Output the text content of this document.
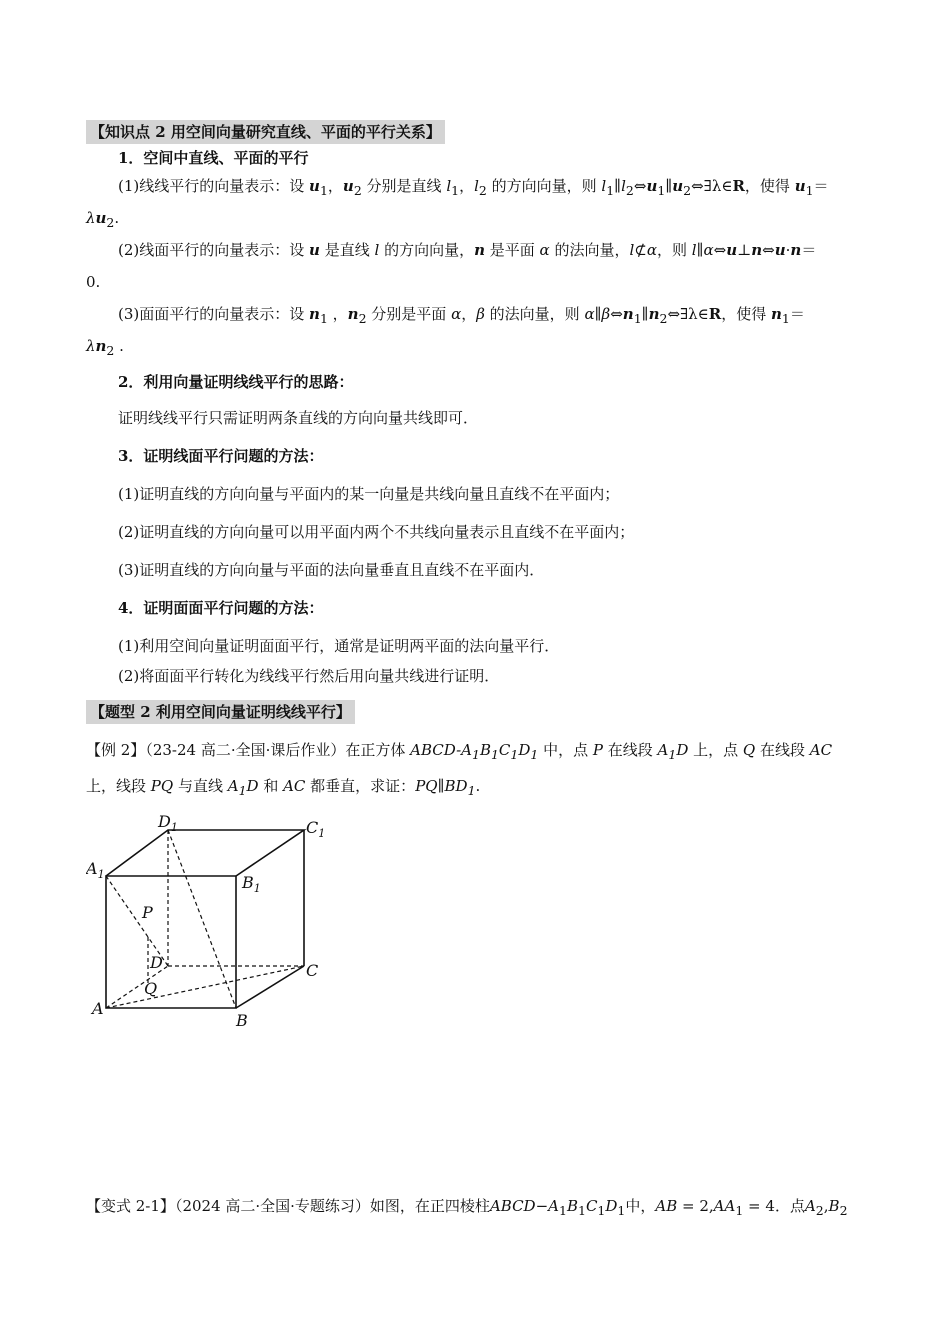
【知识点 2 用空间向量研究直线、平面的平行关系】
1．空间中直线、平面的平行
(1)线线平行的向量表示：设 $u_1$，$u_2$ 分别是直线 $l_1$，$l_2$ 的方向向量，则 $l_1\parallel l_2\Leftrightarrow u_1\parallel u_2\Leftrightarrow\exists\lambda\in R$，使得 $u_1=$
$\lambda u_2$.
(2)线面平行的向量表示：设 u 是直线 l 的方向向量，n 是平面 α 的法向量，l⊄α，则 l∥α⇔u⊥n⇔u·n＝
0.
(3)面面平行的向量表示：设 $n_1$ ，$n_2$ 分别是平面 α，β 的法向量，则 $\alpha\parallel\beta\Leftrightarrow n_1\parallel n_2\Leftrightarrow\exists\lambda\in R$，使得 $n_1=$
$\lambda n_2$ .
2．利用向量证明线线平行的思路：
证明线线平行只需证明两条直线的方向向量共线即可．
3．证明线面平行问题的方法：
(1)证明直线的方向向量与平面内的某一向量是共线向量且直线不在平面内；
(2)证明直线的方向向量可以用平面内两个不共线向量表示且直线不在平面内；
(3)证明直线的方向向量与平面的法向量垂直且直线不在平面内．
4．证明面面平行问题的方法：
(1)利用空间向量证明面面平行，通常是证明两平面的法向量平行．
(2)将面面平行转化为线线平行然后用向量共线进行证明．
【题型 2 利用空间向量证明线线平行】
【例 2】（23-24 高二·全国·课后作业）在正方体 ABCD-$A_1B_1C_1D_1$ 中，点 P 在线段 $A_1D$ 上，点 Q 在线段 AC
上，线段 PQ 与直线 $A_1D$ 和 AC 都垂直，求证：$PQ\parallel BD_1$.
$D_1$	$C_1$
$A_1$	$B_1$
P
D	C
Q
A
B
【变式 2-1】（2024 高二·全国·专题练习）如图，在正四棱柱$ABCD-A_1B_1C_1D_1$中，AB = $2,AA_1 = 4$．点$A_2,B_2$
